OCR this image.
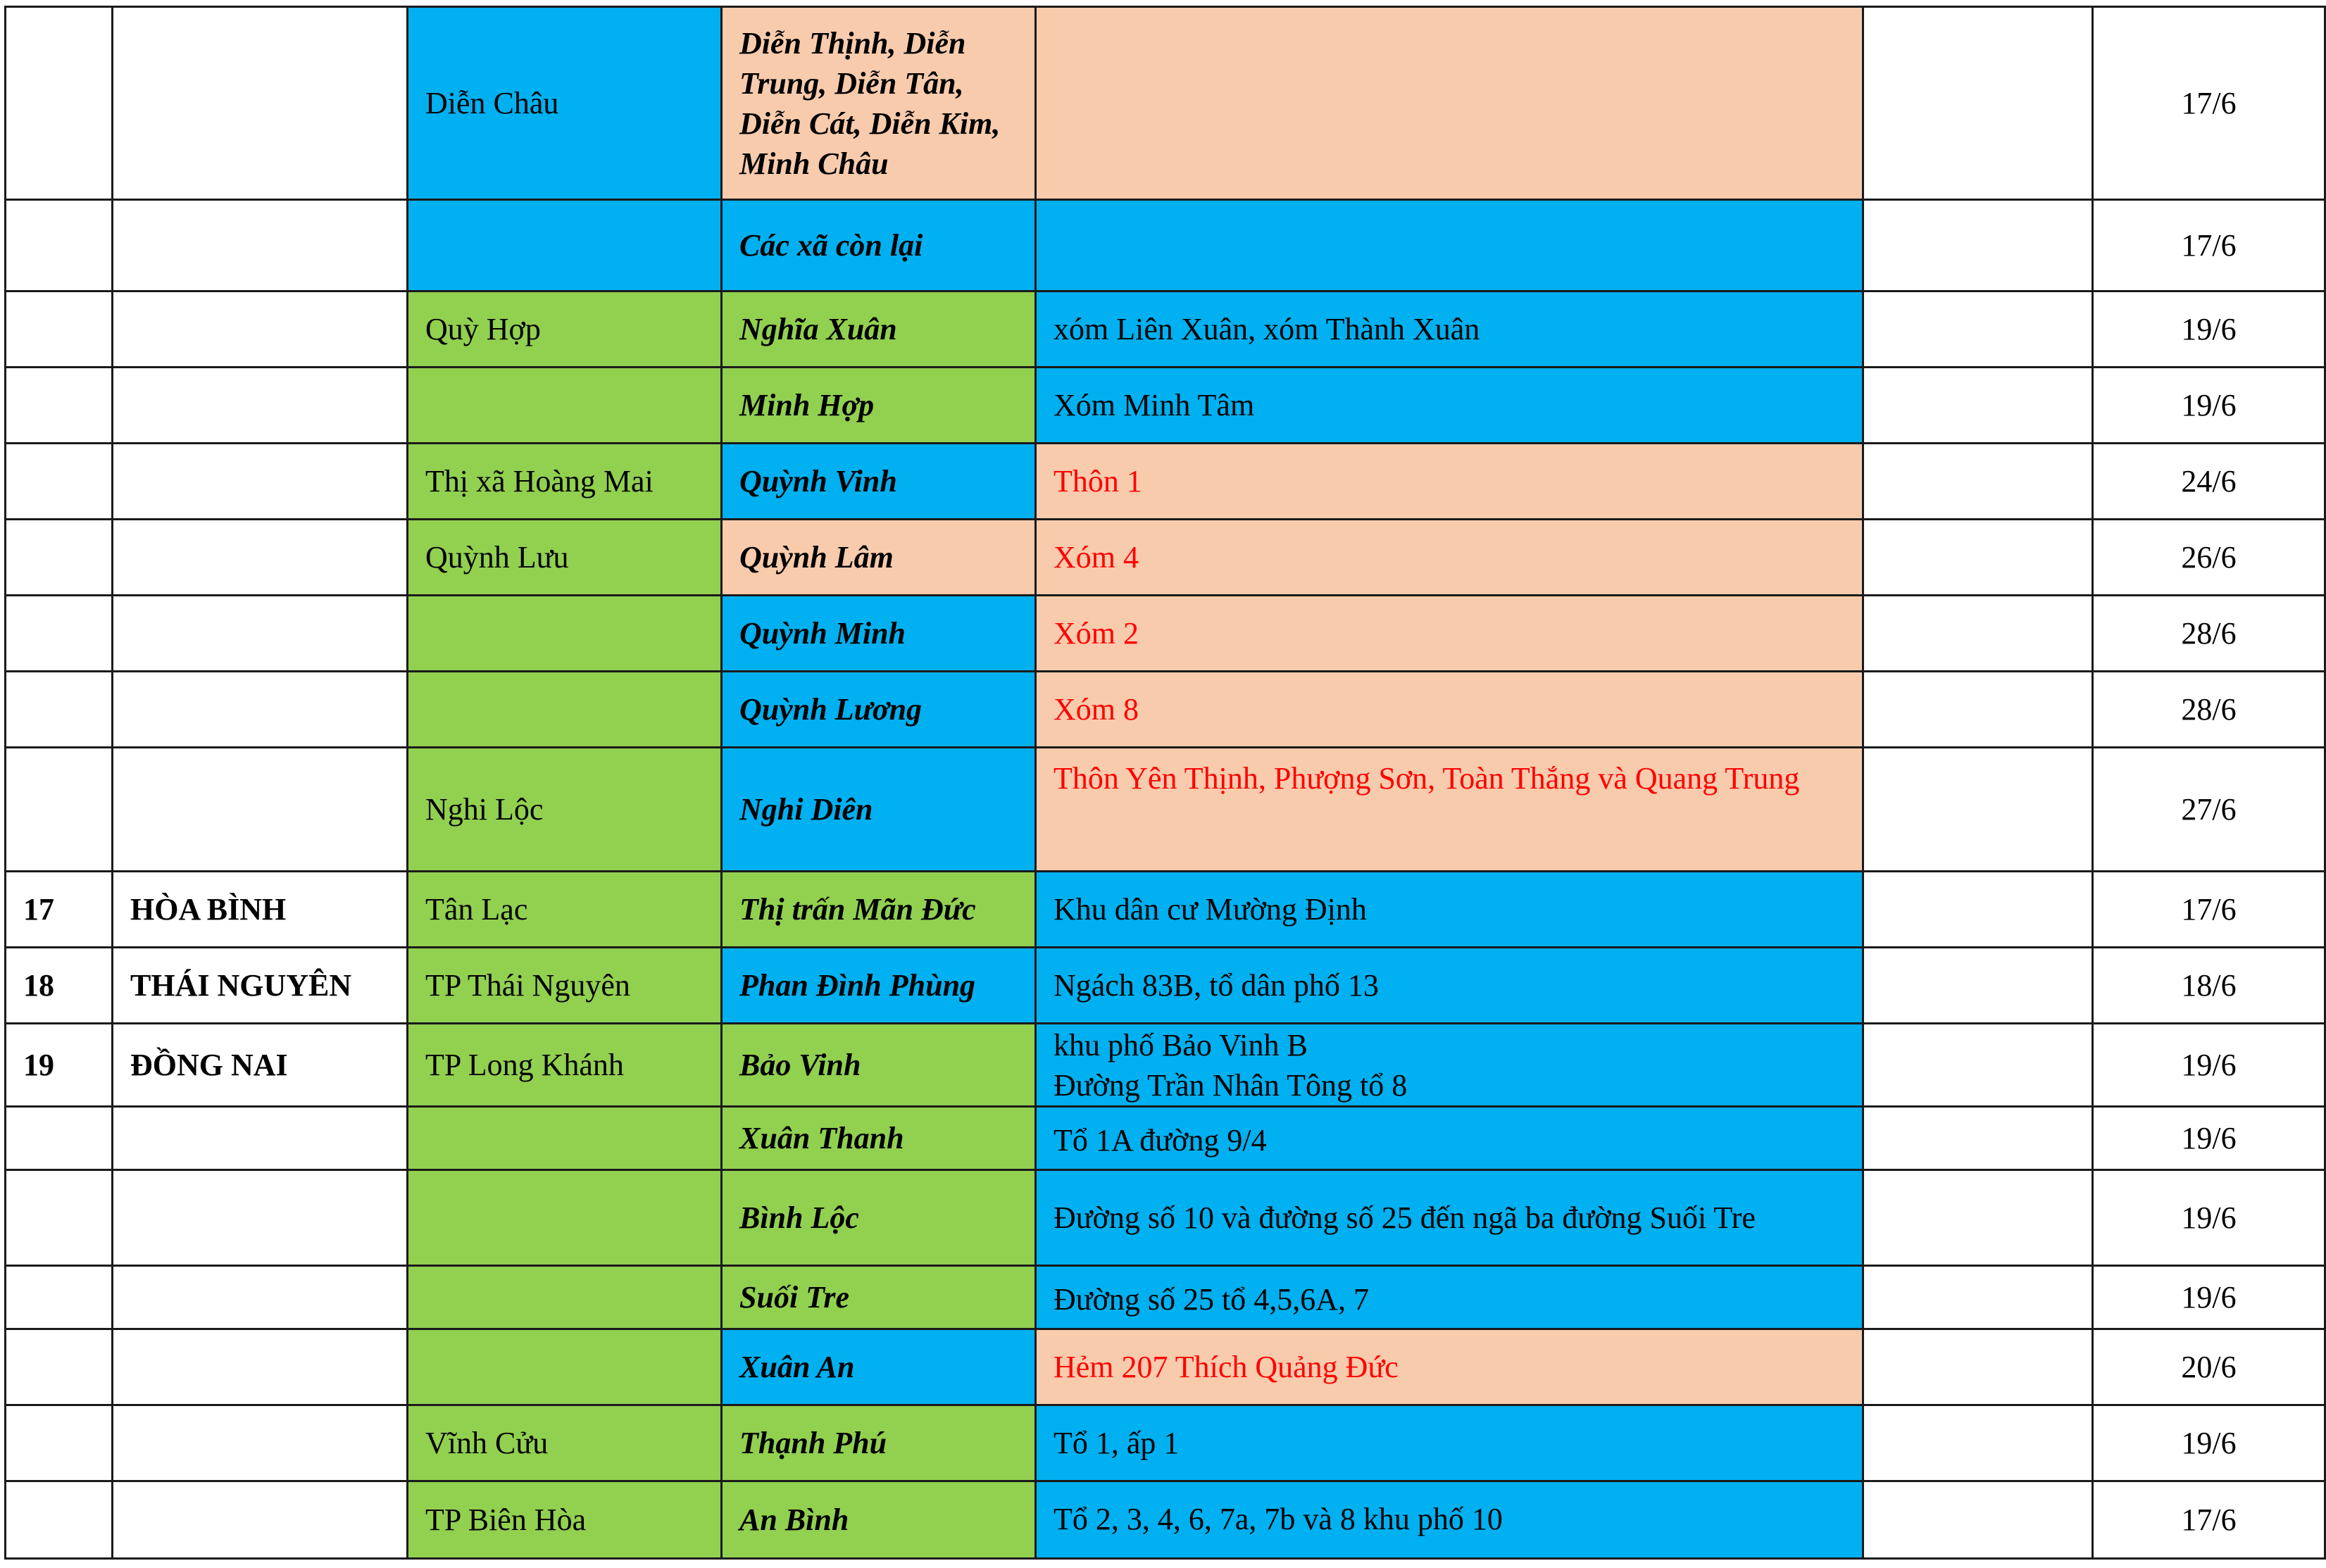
		Diễn Châu	Diễn Thịnh, Diễn Trung, Diễn Tân, Diễn Cát, Diễn Kim, Minh Châu			17/6
			Các xã còn lại			17/6
		Quỳ Hợp	Nghĩa Xuân	xóm Liên Xuân, xóm Thành Xuân		19/6
			Minh Hợp	Xóm Minh Tâm		19/6
		Thị xã Hoàng Mai	Quỳnh Vinh	Thôn 1		24/6
		Quỳnh Lưu	Quỳnh Lâm	Xóm 4		26/6
			Quỳnh Minh	Xóm 2		28/6
			Quỳnh Lương	Xóm 8		28/6
		Nghi Lộc	Nghi Diên	Thôn Yên Thịnh, Phượng Sơn, Toàn Thắng và Quang Trung		27/6
17	HÒA BÌNH	Tân Lạc	Thị trấn Mãn Đức	Khu dân cư Mường Định		17/6
18	THÁI NGUYÊN	TP Thái Nguyên	Phan Đình Phùng	Ngách 83B, tổ dân phố 13		18/6
19	ĐỒNG NAI	TP Long Khánh	Bảo Vinh	khu phố Bảo Vinh B
Đường Trần Nhân Tông tổ 8		19/6
			Xuân Thanh	Tổ 1A đường 9/4		19/6
			Bình Lộc	Đường số 10 và đường số 25 đến ngã ba đường Suối Tre		19/6
			Suối Tre	Đường số 25 tổ 4,5,6A, 7		19/6
			Xuân An	Hẻm 207 Thích Quảng Đức		20/6
		Vĩnh Cửu	Thạnh Phú	Tổ 1, ấp 1		19/6
		TP Biên Hòa	An Bình	Tổ 2, 3, 4, 6, 7a, 7b và 8 khu phố 10		17/6
